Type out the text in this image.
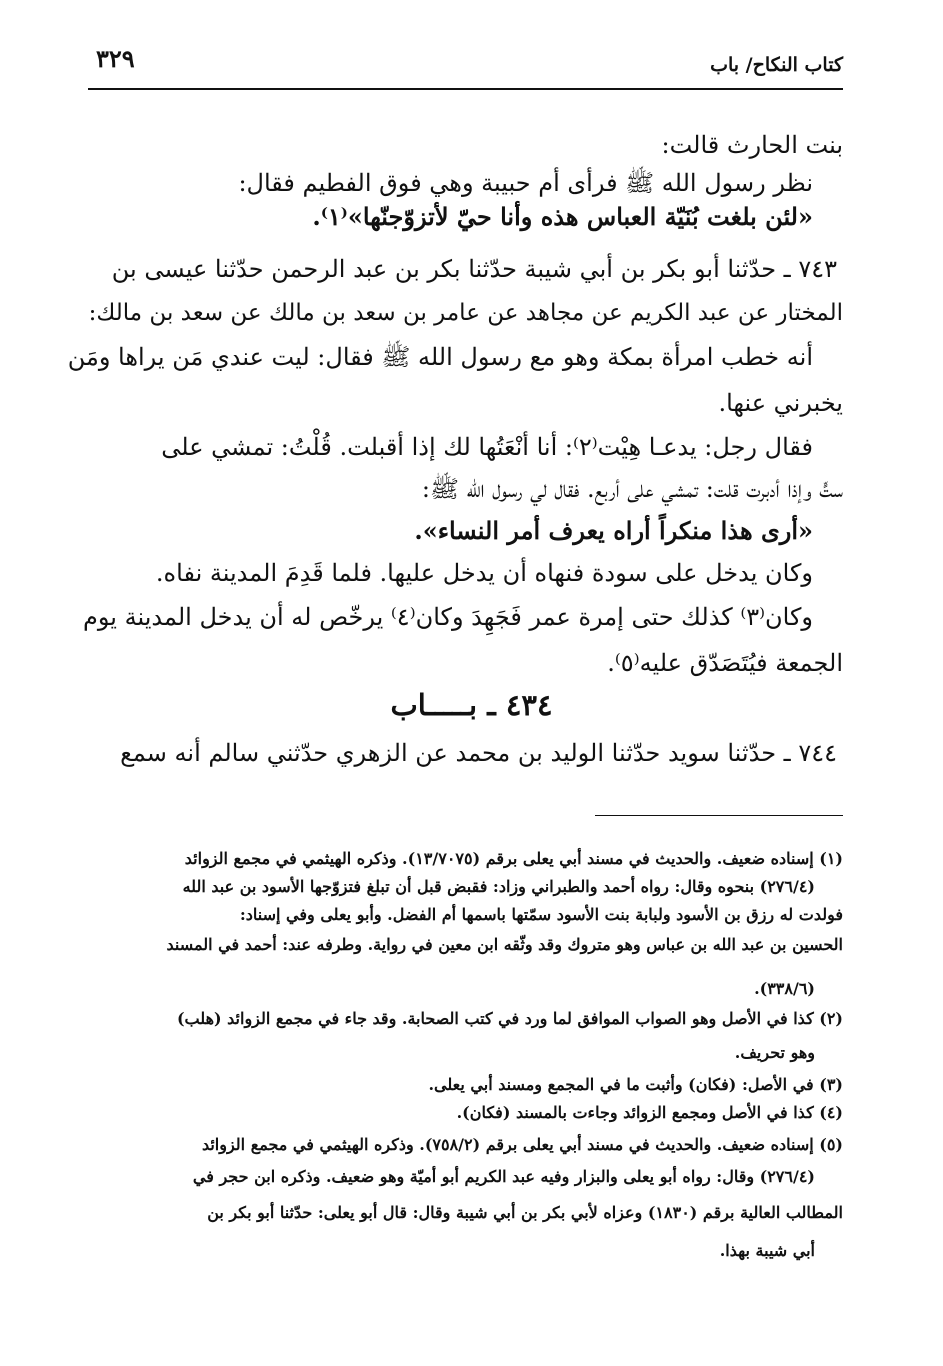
كتاب النكاح/ باب
٣٢٩
بنت الحارث قالت:
نظر رسول الله ﷺ فرأى أم حبيبة وهي فوق الفطيم فقال:
«لئن بلغت بُنَيّة العباس هذه وأنا حيّ لأتزوّجنّها»⁽١⁾.
٧٤٣ ـ حدّثنا أبو بكر بن أبي شيبة حدّثنا بكر بن عبد الرحمن حدّثنا عيسى بن
المختار عن عبد الكريم عن مجاهد عن عامر بن سعد بن مالك عن سعد بن مالك:
أنه خطب امرأة بمكة وهو مع رسول الله ﷺ فقال: ليت عندي مَن يراها ومَن
يخبرني عنها.
فقال رجل: يدعـا هِيْت⁽٢⁾: أنا أنْعَتُها لك إذا أقبلت. قُلْتُ: تمشي على
ستٍّ وإذا أدبرت قلت: تمشي على أربع. فقال لي رسول الله ﷺ:
«أرى هذا منكراً أراه يعرف أمر النساء».
وكان يدخل على سودة فنهاه أن يدخل عليها. فلما قَدِمَ المدينة نفاه.
وكان⁽٣⁾ كذلك حتى إمرة عمر فَجَهِدَ وكان⁽٤⁾ يرخّص له أن يدخل المدينة يوم
الجمعة فيُتَصَدّق عليه⁽٥⁾.
٤٣٤ ـ بـــــاب
٧٤٤ ـ حدّثنا سويد حدّثنا الوليد بن محمد عن الزهري حدّثني سالم أنه سمع
(١) إسناده ضعيف. والحديث في مسند أبي يعلى برقم (١٣/٧٠٧٥). وذكره الهيثمي في مجمع الزوائد
(٢٧٦/٤) بنحوه وقال: رواه أحمد والطبراني وزاد: فقبض قبل أن تبلغ فتزوّجها الأسود بن عبد الله
فولدت له رزق بن الأسود ولبابة بنت الأسود سمّتها باسمها أم الفضل. وأبو يعلى وفي إسناد:
الحسين بن عبد الله بن عباس وهو متروك وقد وثّقه ابن معين في رواية. وطرفه عند: أحمد في المسند
(٣٣٨/٦).
(٢) كذا في الأصل وهو الصواب الموافق لما ورد في كتب الصحابة. وقد جاء في مجمع الزوائد (هلب)
وهو تحريف.
(٣) في الأصل: (فكان) وأثبت ما في المجمع ومسند أبي يعلى.
(٤) كذا في الأصل ومجمع الزوائد وجاءت بالمسند (فكان).
(٥) إسناده ضعيف. والحديث في مسند أبي يعلى برقم (٧٥٨/٢). وذكره الهيثمي في مجمع الزوائد
(٢٧٦/٤) وقال: رواه أبو يعلى والبزار وفيه عبد الكريم أبو أميّة وهو ضعيف. وذكره ابن حجر في
المطالب العالية برقم (١٨٣٠) وعزاه لأبي بكر بن أبي شيبة وقال: قال أبو يعلى: حدّثنا أبو بكر بن
أبي شيبة بهذا.
